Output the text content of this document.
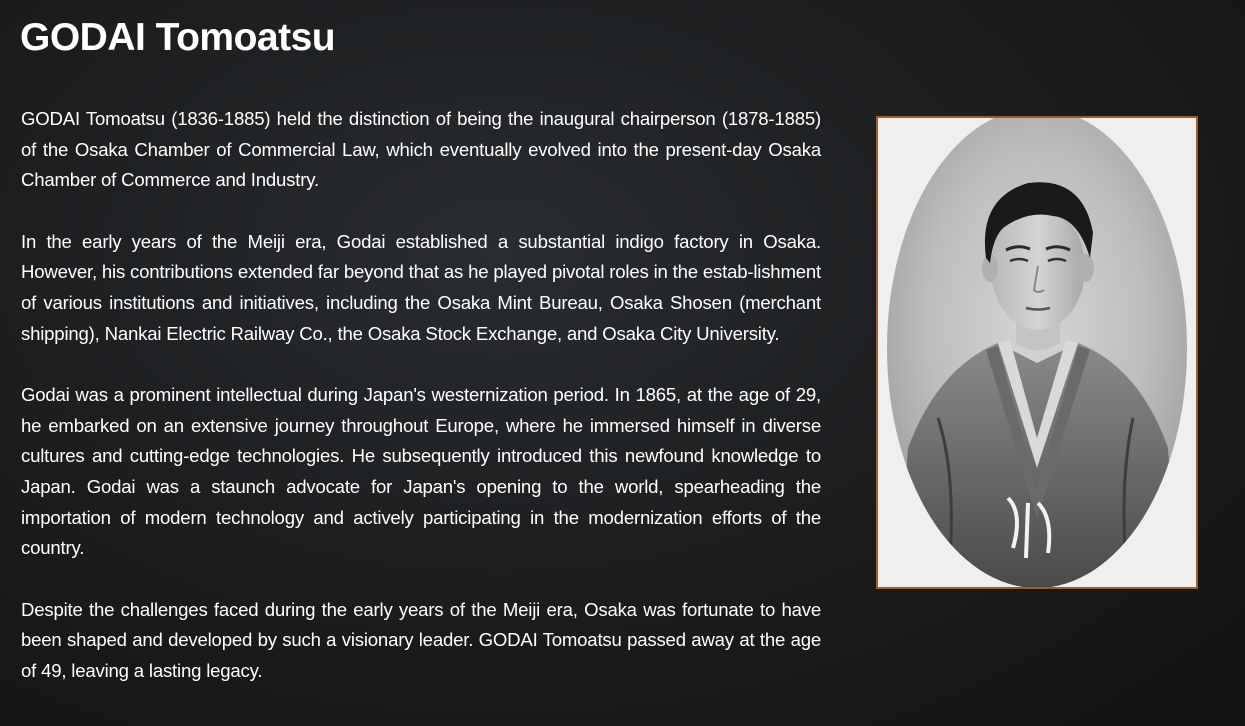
GODAI Tomoatsu

GODAI Tomoatsu (1836-1885) held the distinction of being the inaugural chairperson (1878-1885) of the Osaka Chamber of Commercial Law, which eventually evolved into the present-day Osaka Chamber of Commerce and Industry.

In the early years of the Meiji era, Godai established a substantial indigo factory in Osaka. However, his contributions extended far beyond that as he played pivotal roles in the estab-lishment of various institutions and initiatives, including the Osaka Mint Bureau, Osaka Shosen (merchant shipping), Nankai Electric Railway Co., the Osaka Stock Exchange, and Osaka City University.

Godai was a prominent intellectual during Japan's westernization period. In 1865, at the age of 29, he embarked on an extensive journey throughout Europe, where he immersed himself in diverse cultures and cutting-edge technologies. He subsequently introduced this newfound knowledge to Japan. Godai was a staunch advocate for Japan's opening to the world, spearheading the importation of modern technology and actively participating in the modernization efforts of the country.

Despite the challenges faced during the early years of the Meiji era, Osaka was fortunate to have been shaped and developed by such a visionary leader. GODAI Tomoatsu passed away at the age of 49, leaving a lasting legacy.
